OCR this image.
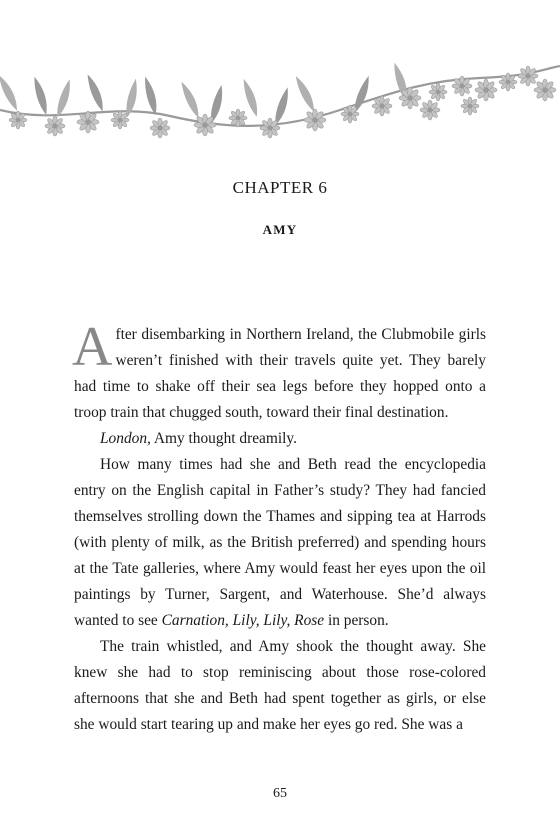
CHAPTER 6
AMY

After disembarking in Northern Ireland, the Clubmobile girls weren’t finished with their travels quite yet. They barely had time to shake off their sea legs before they hopped onto a troop train that chugged south, toward their final destination.

London, Amy thought dreamily.

How many times had she and Beth read the encyclopedia entry on the English capital in Father’s study? They had fancied themselves strolling down the Thames and sipping tea at Harrods (with plenty of milk, as the British preferred) and spending hours at the Tate galleries, where Amy would feast her eyes upon the oil paintings by Turner, Sargent, and Waterhouse. She’d always wanted to see Carnation, Lily, Lily, Rose in person.

The train whistled, and Amy shook the thought away. She knew she had to stop reminiscing about those rose-colored afternoons that she and Beth had spent together as girls, or else she would start tearing up and make her eyes go red. She was a

65
